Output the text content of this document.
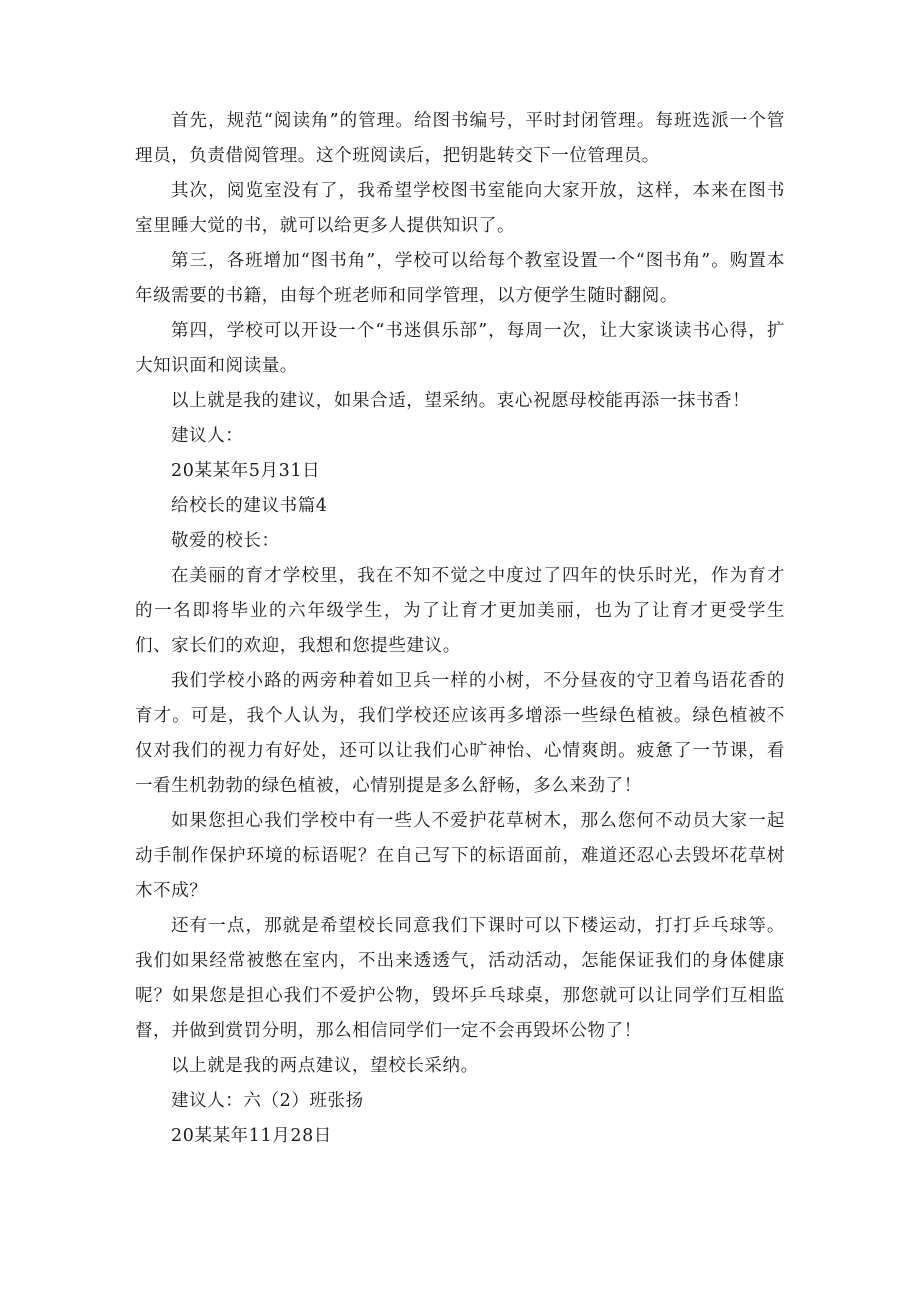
首先，规范“阅读角”的管理。给图书编号，平时封闭管理。每班选派一个管理员，负责借阅管理。这个班阅读后，把钥匙转交下一位管理员。

其次，阅览室没有了，我希望学校图书室能向大家开放，这样，本来在图书室里睡大觉的书，就可以给更多人提供知识了。

第三，各班增加“图书角”，学校可以给每个教室设置一个“图书角”。购置本年级需要的书籍，由每个班老师和同学管理，以方便学生随时翻阅。

第四，学校可以开设一个“书迷俱乐部”，每周一次，让大家谈读书心得，扩大知识面和阅读量。

以上就是我的建议，如果合适，望采纳。衷心祝愿母校能再添一抹书香！

建议人：

20某某年5月31日

给校长的建议书篇4

敬爱的校长：

在美丽的育才学校里，我在不知不觉之中度过了四年的快乐时光，作为育才的一名即将毕业的六年级学生，为了让育才更加美丽，也为了让育才更受学生们、家长们的欢迎，我想和您提些建议。

我们学校小路的两旁种着如卫兵一样的小树，不分昼夜的守卫着鸟语花香的育才。可是，我个人认为，我们学校还应该再多增添一些绿色植被。绿色植被不仅对我们的视力有好处，还可以让我们心旷神怡、心情爽朗。疲惫了一节课，看一看生机勃勃的绿色植被，心情别提是多么舒畅，多么来劲了！

如果您担心我们学校中有一些人不爱护花草树木，那么您何不动员大家一起动手制作保护环境的标语呢？在自己写下的标语面前，难道还忍心去毁坏花草树木不成？

还有一点，那就是希望校长同意我们下课时可以下楼运动，打打乒乓球等。我们如果经常被憋在室内，不出来透透气，活动活动，怎能保证我们的身体健康呢？如果您是担心我们不爱护公物，毁坏乒乓球桌，那您就可以让同学们互相监督，并做到赏罚分明，那么相信同学们一定不会再毁坏公物了！

以上就是我的两点建议，望校长采纳。

建议人：六（2）班张扬

20某某年11月28日
